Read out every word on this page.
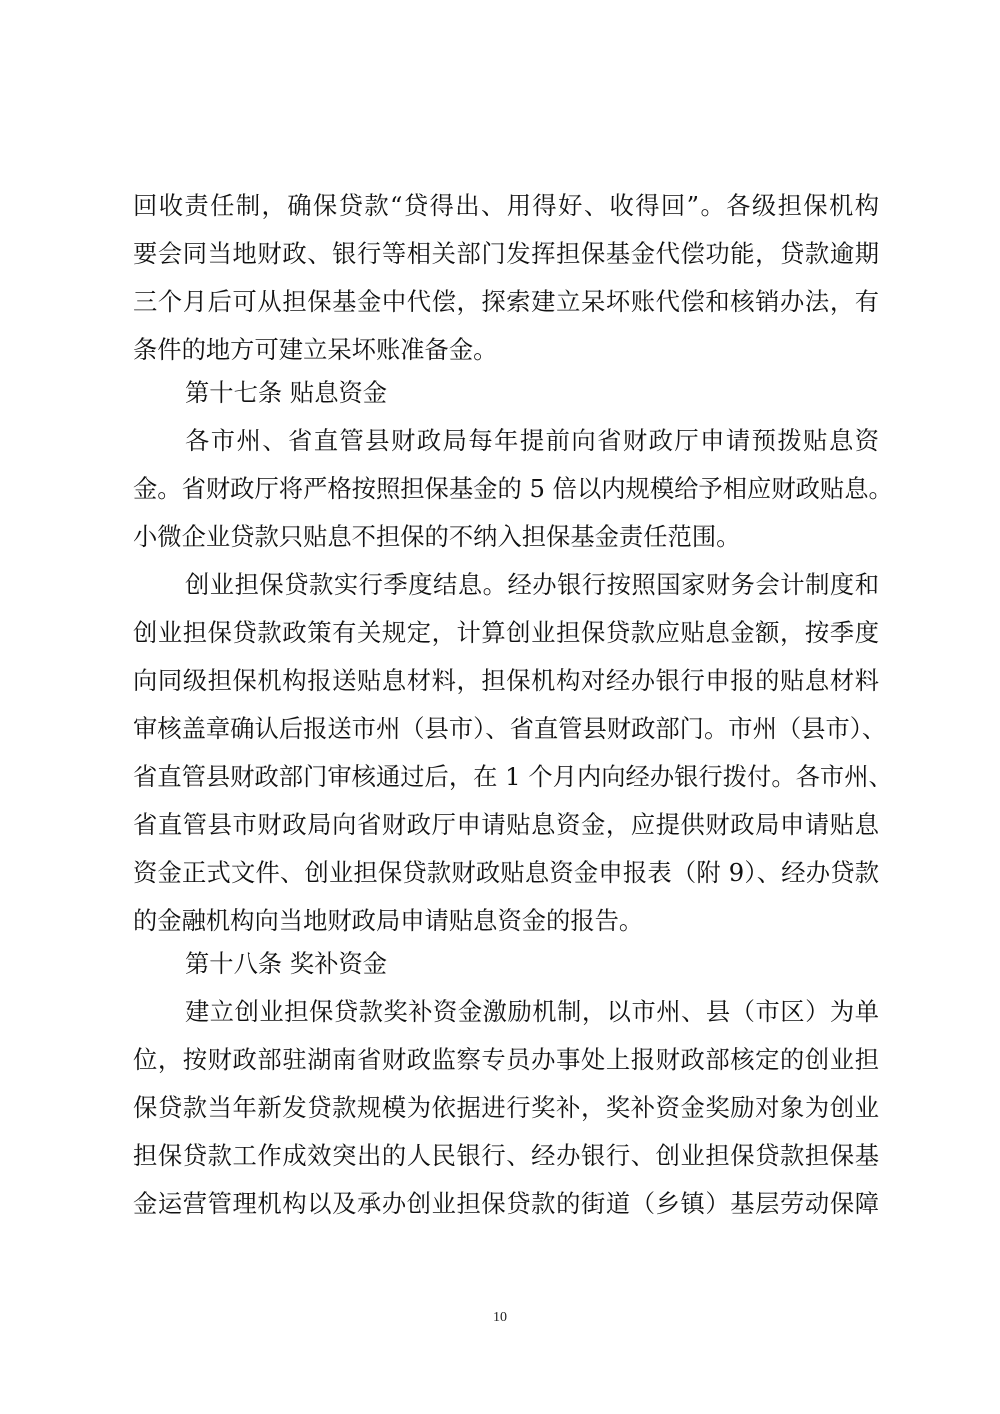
回收责任制，确保贷款“贷得出、用得好、收得回”。各级担保机构
要会同当地财政、银行等相关部门发挥担保基金代偿功能，贷款逾期
三个月后可从担保基金中代偿，探索建立呆坏账代偿和核销办法，有
条件的地方可建立呆坏账准备金。
第十七条 贴息资金
各市州、省直管县财政局每年提前向省财政厅申请预拨贴息资
金。省财政厅将严格按照担保基金的 5 倍以内规模给予相应财政贴息。
小微企业贷款只贴息不担保的不纳入担保基金责任范围。
创业担保贷款实行季度结息。经办银行按照国家财务会计制度和
创业担保贷款政策有关规定，计算创业担保贷款应贴息金额，按季度
向同级担保机构报送贴息材料，担保机构对经办银行申报的贴息材料
审核盖章确认后报送市州（县市）、省直管县财政部门。市州（县市）、
省直管县财政部门审核通过后，在 1 个月内向经办银行拨付。各市州、
省直管县市财政局向省财政厅申请贴息资金，应提供财政局申请贴息
资金正式文件、创业担保贷款财政贴息资金申报表（附 9）、经办贷款
的金融机构向当地财政局申请贴息资金的报告。
第十八条 奖补资金
建立创业担保贷款奖补资金激励机制，以市州、县（市区）为单
位，按财政部驻湖南省财政监察专员办事处上报财政部核定的创业担
保贷款当年新发贷款规模为依据进行奖补，奖补资金奖励对象为创业
担保贷款工作成效突出的人民银行、经办银行、创业担保贷款担保基
金运营管理机构以及承办创业担保贷款的街道（乡镇）基层劳动保障
10
